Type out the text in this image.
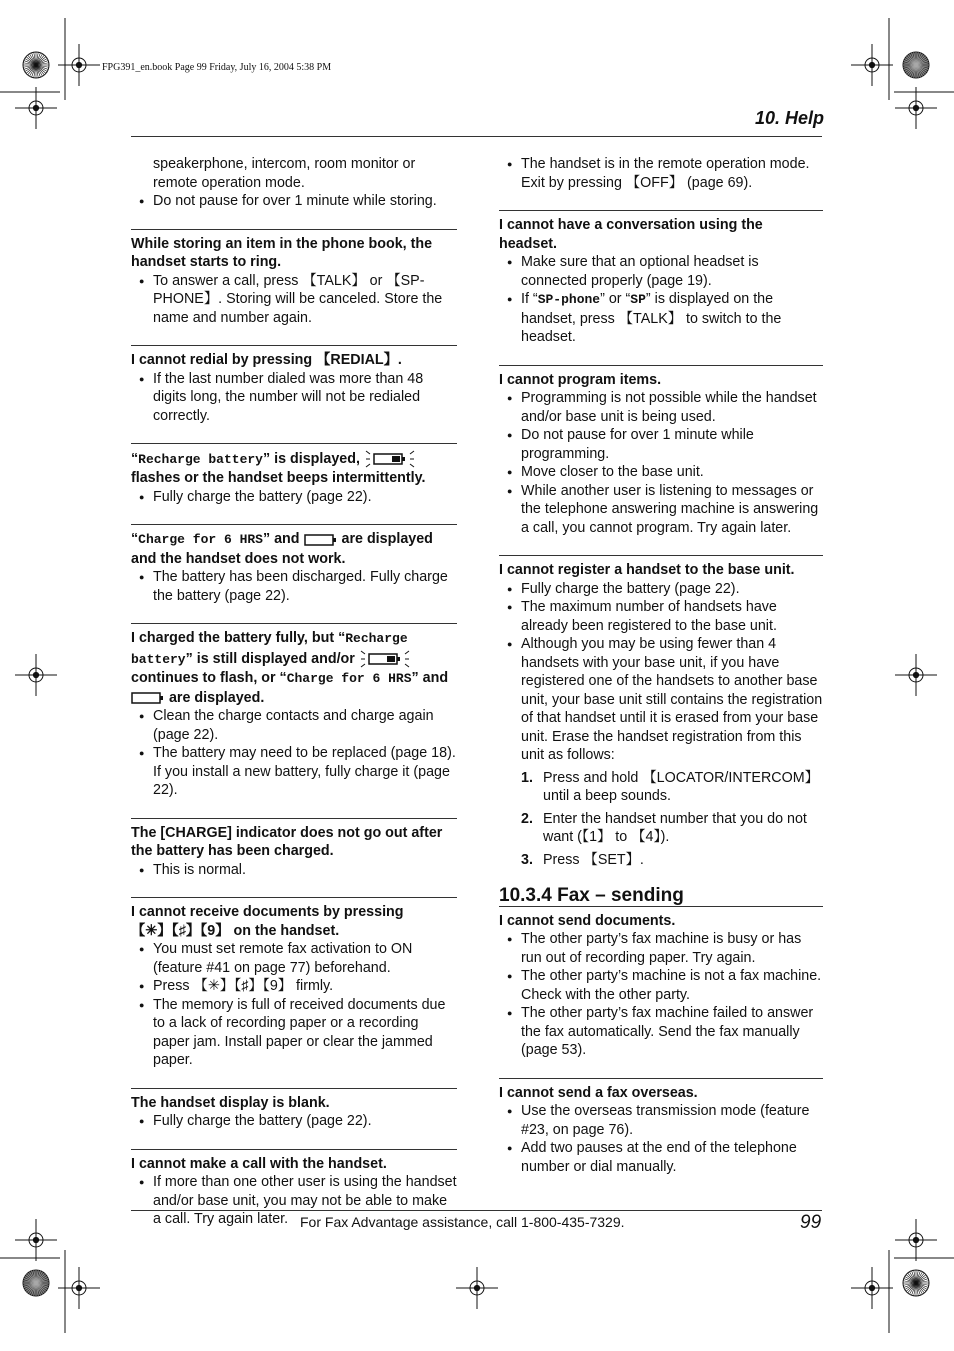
FPG391_en.book Page 99 Friday, July 16, 2004 5:38 PM
10. Help
speakerphone, intercom, room monitor or remote operation mode.
● Do not pause for over 1 minute while storing.

While storing an item in the phone book, the handset starts to ring.

● To answer a call, press 【TALK】 or 【SP-PHONE】. Storing will be canceled. Store the name and number again.

I cannot redial by pressing 【REDIAL】.

● If the last number dialed was more than 48 digits long, the number will not be redialed correctly.

“Recharge battery” is displayed,  flashes or the handset beeps intermittently.

● Fully charge the battery (page 22).

“Charge for 6 HRS” and	are displayed and the handset does not work.

● The battery has been discharged. Fully charge the battery (page 22).

I charged the battery fully, but “Recharge battery” is still displayed and/or  continues to flash, or “Charge for 6 HRS” and  are displayed.

● Clean the charge contacts and charge again (page 22).
● The battery may need to be replaced (page 18). If you install a new battery, fully charge it (page 22).

The [CHARGE] indicator does not go out after the battery has been charged.

● This is normal.

I cannot receive documents by pressing
【✳】【♯】【9】 on the handset.

● You must set remote fax activation to ON (feature #41 on page 77) beforehand.
● Press 【✳】【♯】【9】 firmly.
● The memory is full of received documents due to a lack of recording paper or a recording paper jam. Install paper or clear the jammed paper.

The handset display is blank.

● Fully charge the battery (page 22).

I cannot make a call with the handset.

● If more than one other user is using the handset and/or base unit, you may not be able to make a call. Try again later.
● The handset is in the remote operation mode. Exit by pressing 【OFF】 (page 69).

I cannot have a conversation using the headset.

● Make sure that an optional headset is connected properly (page 19).
● If “SP-phone” or “SP” is displayed on the handset, press 【TALK】 to switch to the headset.

I cannot program items.

● Programming is not possible while the handset and/or base unit is being used.
● Do not pause for over 1 minute while programming.
● Move closer to the base unit.
● While another user is listening to messages or the telephone answering machine is answering a call, you cannot program. Try again later.

I cannot register a handset to the base unit.

● Fully charge the battery (page 22).
● The maximum number of handsets have already been registered to the base unit.
● Although you may be using fewer than 4 handsets with your base unit, if you have registered one of the handsets to another base unit, your base unit still contains the registration of that handset until it is erased from your base unit. Erase the handset registration from this unit as follows:
1. Press and hold 【LOCATOR/INTERCOM】 until a beep sounds.
2. Enter the handset number that you do not want (【1】 to 【4】).
3. Press 【SET】.

10.3.4 Fax – sending

I cannot send documents.

● The other party’s fax machine is busy or has run out of recording paper. Try again.
● The other party’s machine is not a fax machine. Check with the other party.
● The other party’s fax machine failed to answer the fax automatically. Send the fax manually (page 53).

I cannot send a fax overseas.

● Use the overseas transmission mode (feature #23, on page 76).
● Add two pauses at the end of the telephone number or dial manually.
For Fax Advantage assistance, call 1-800-435-7329.	99
